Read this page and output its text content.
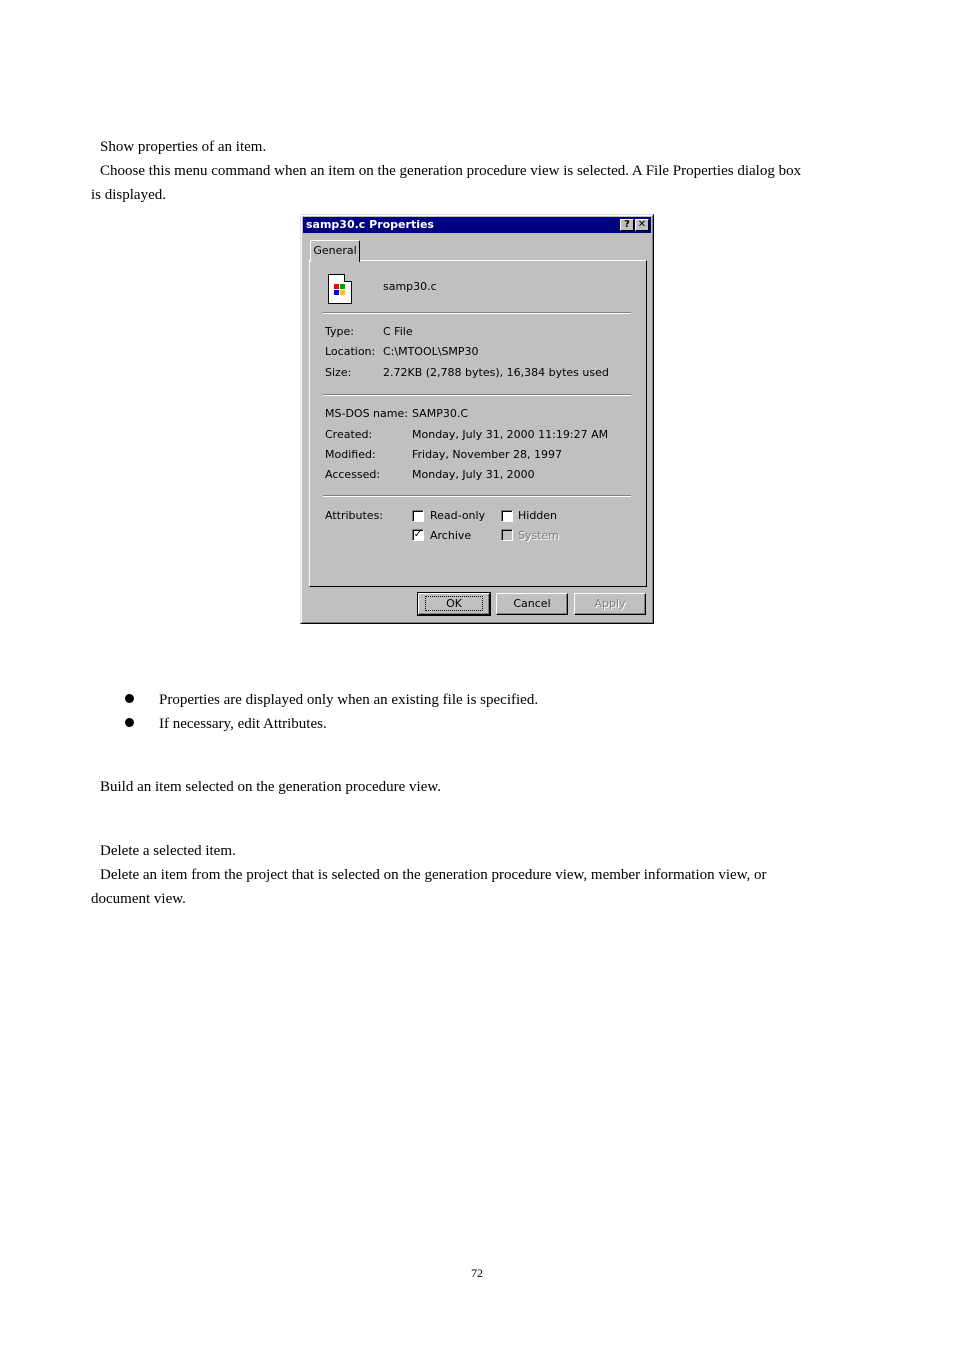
Show properties of an item.
Choose this menu command when an item on the generation procedure view is selected. A File Properties dialog box
is displayed.
samp30.c Properties	? ✕
General
samp30.c
Type:	C File
Location: C:\MTOOL\SMP30
Size:	2.72KB (2,788 bytes), 16,384 bytes used
MS-DOS name: SAMP30.C
Created:	Monday, July 31, 2000 11:19:27 AM
Modified:	Friday, November 28, 1997
Accessed:	Monday, July 31, 2000
Attributes:	Read-only	Hidden
✓ Archive	System
OK	Cancel	Apply
Properties are displayed only when an existing file is specified.
If necessary, edit Attributes.
Build an item selected on the generation procedure view.
Delete a selected item.
Delete an item from the project that is selected on the generation procedure view, member information view, or
document view.
72
